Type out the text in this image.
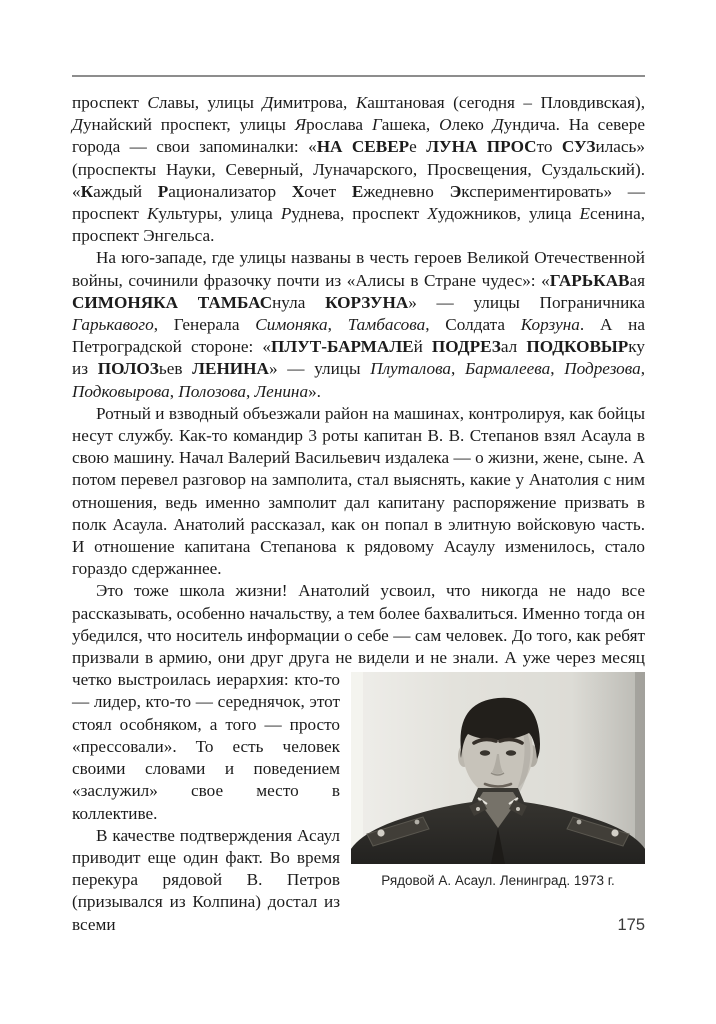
проспект Славы, улицы Димитрова, Каштановая (сегодня – Пловдивская), Дунайский проспект, улицы Ярослава Гашека, Олеко Дундича. На севере города — свои запоминалки: «НА СЕВЕРе ЛУНА ПРОСто СУЗилась» (проспекты Науки, Северный, Луначарского, Просвещения, Суздальский). «Каждый Рационализатор Хочет Ежедневно Экспериментировать» — проспект Культуры, улица Руднева, проспект Художников, улица Есенина, проспект Энгельса.

На юго-западе, где улицы названы в честь героев Великой Отечественной войны, сочинили фразочку почти из «Алисы в Стране чудес»: «ГАРЬКАВая СИМОНЯКА ТАМБАСнула КОРЗУНА» — улицы Пограничника Гарькавого, Генерала Симоняка, Тамбасова, Солдата Корзуна. А на Петроградской стороне: «ПЛУТ-БАРМАЛЕй ПОДРЕЗал ПОДКОВЫРку из ПОЛОЗьев ЛЕНИНА» — улицы Плуталова, Бармалеева, Подрезова, Подковырова, Полозова, Ленина».

Ротный и взводный объезжали район на машинах, контролируя, как бойцы несут службу. Как-то командир 3 роты капитан В. В. Степанов взял Асаула в свою машину. Начал Валерий Васильевич издалека — о жизни, жене, сыне. А потом перевел разговор на замполита, стал выяснять, какие у Анатолия с ним отношения, ведь именно замполит дал капитану распоряжение призвать в полк Асаула. Анатолий рассказал, как он попал в элитную войсковую часть. И отношение капитана Степанова к рядовому Асаулу изменилось, стало гораздо сдержаннее.

Это тоже школа жизни! Анатолий усвоил, что никогда не надо все рассказывать, особенно начальству, а тем более бахвалиться. Именно тогда он убедился, что носитель информации о себе — сам человек. До того, как ребят призвали в армию, они друг друга не видели и не знали. А уже через
Рядовой А. Асаул. Ленинград. 1973 г.
месяц четко выстроилась иерархия: кто-то — лидер, кто-то — середнячок, этот стоял особняком, а того — просто «прессовали». То есть человек своими словами и поведением «заслужил» свое место в коллективе.

В качестве подтверждения Асаул приводит еще один факт. Во время перекура рядовой В. Петров (призывался из Колпина) достал из всеми	175
